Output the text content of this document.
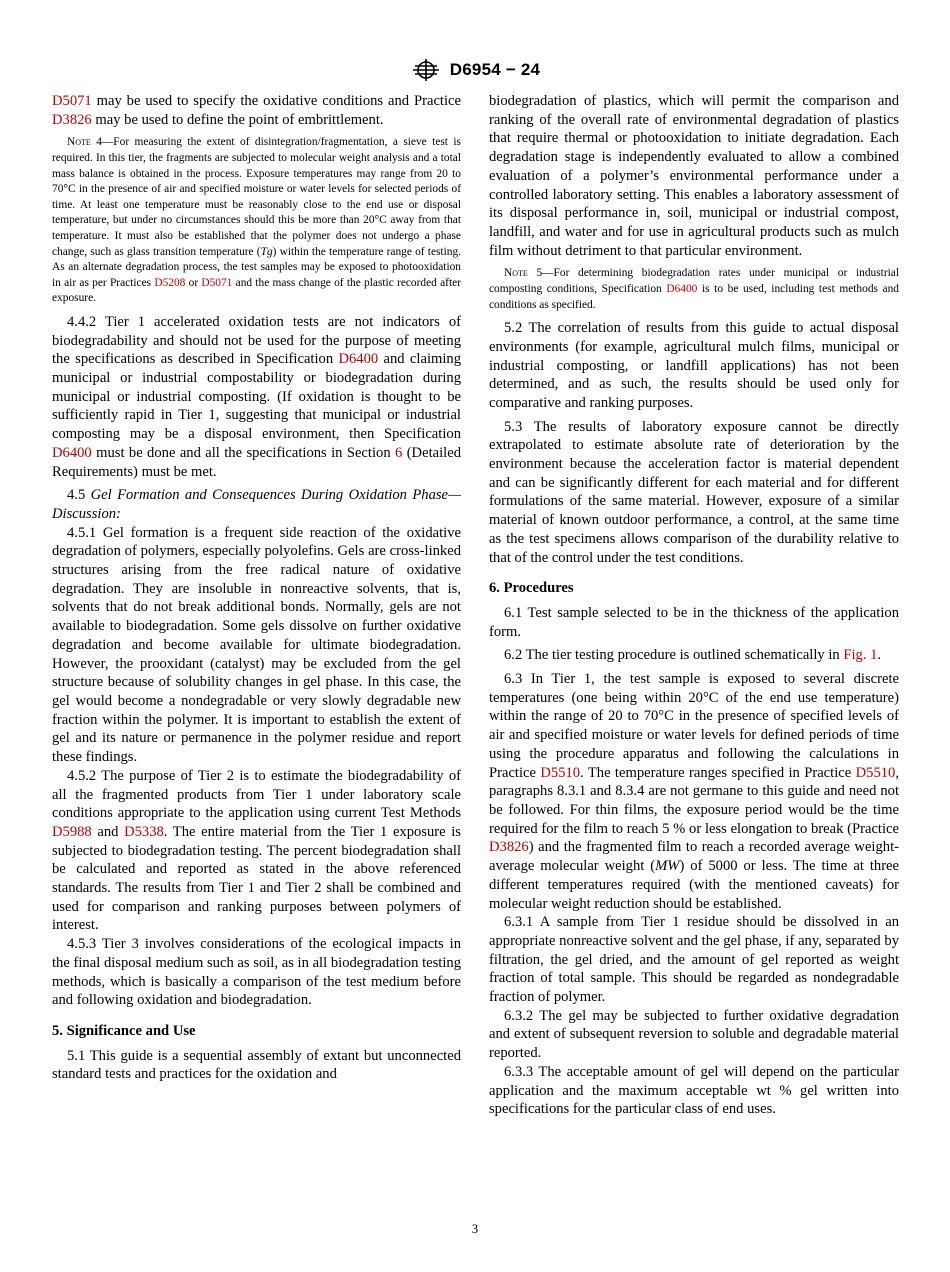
D6954 − 24

D5071 may be used to specify the oxidative conditions and Practice D3826 may be used to define the point of embrittlement.

Note 4—For measuring the extent of disintegration/fragmentation, a sieve test is required. In this tier, the fragments are subjected to molecular weight analysis and a total mass balance is obtained in the process. Exposure temperatures may range from 20 to 70°C in the presence of air and specified moisture or water levels for selected periods of time. At least one temperature must be reasonably close to the end use or disposal temperature, but under no circumstances should this be more than 20°C away from that temperature. It must also be established that the polymer does not undergo a phase change, such as glass transition temperature (Tg) within the temperature range of testing. As an alternate degradation process, the test samples may be exposed to photooxidation in air as per Practices D5208 or D5071 and the mass change of the plastic recorded after exposure.

4.4.2 Tier 1 accelerated oxidation tests are not indicators of biodegradability and should not be used for the purpose of meeting the specifications as described in Specification D6400 and claiming municipal or industrial compostability or biodegradation during municipal or industrial composting. (If oxidation is thought to be sufficiently rapid in Tier 1, suggesting that municipal or industrial composting may be a disposal environment, then Specification D6400 must be done and all the specifications in Section 6 (Detailed Requirements) must be met.

4.5 Gel Formation and Consequences During Oxidation Phase—Discussion:

4.5.1 Gel formation is a frequent side reaction of the oxidative degradation of polymers, especially polyolefins. Gels are cross-linked structures arising from the free radical nature of oxidative degradation. They are insoluble in nonreactive solvents, that is, solvents that do not break additional bonds. Normally, gels are not available to biodegradation. Some gels dissolve on further oxidative degradation and become available for ultimate biodegradation. However, the prooxidant (catalyst) may be excluded from the gel structure because of solubility changes in gel phase. In this case, the gel would become a nondegradable or very slowly degradable new fraction within the polymer. It is important to establish the extent of gel and its nature or permanence in the polymer residue and report these findings.

4.5.2 The purpose of Tier 2 is to estimate the biodegradability of all the fragmented products from Tier 1 under laboratory scale conditions appropriate to the application using current Test Methods D5988 and D5338. The entire material from the Tier 1 exposure is subjected to biodegradation testing. The percent biodegradation shall be calculated and reported as stated in the above referenced standards. The results from Tier 1 and Tier 2 shall be combined and used for comparison and ranking purposes between polymers of interest.

4.5.3 Tier 3 involves considerations of the ecological impacts in the final disposal medium such as soil, as in all biodegradation testing methods, which is basically a comparison of the test medium before and following oxidation and biodegradation.

5. Significance and Use

5.1 This guide is a sequential assembly of extant but unconnected standard tests and practices for the oxidation and

biodegradation of plastics, which will permit the comparison and ranking of the overall rate of environmental degradation of plastics that require thermal or photooxidation to initiate degradation. Each degradation stage is independently evaluated to allow a combined evaluation of a polymer’s environmental performance under a controlled laboratory setting. This enables a laboratory assessment of its disposal performance in, soil, municipal or industrial compost, landfill, and water and for use in agricultural products such as mulch film without detriment to that particular environment.

Note 5—For determining biodegradation rates under municipal or industrial composting conditions, Specification D6400 is to be used, including test methods and conditions as specified.

5.2 The correlation of results from this guide to actual disposal environments (for example, agricultural mulch films, municipal or industrial composting, or landfill applications) has not been determined, and as such, the results should be used only for comparative and ranking purposes.

5.3 The results of laboratory exposure cannot be directly extrapolated to estimate absolute rate of deterioration by the environment because the acceleration factor is material dependent and can be significantly different for each material and for different formulations of the same material. However, exposure of a similar material of known outdoor performance, a control, at the same time as the test specimens allows comparison of the durability relative to that of the control under the test conditions.

6. Procedures

6.1 Test sample selected to be in the thickness of the application form.

6.2 The tier testing procedure is outlined schematically in Fig. 1.

6.3 In Tier 1, the test sample is exposed to several discrete temperatures (one being within 20°C of the end use temperature) within the range of 20 to 70°C in the presence of specified levels of air and specified moisture or water levels for defined periods of time using the procedure apparatus and following the calculations in Practice D5510. The temperature ranges specified in Practice D5510, paragraphs 8.3.1 and 8.3.4 are not germane to this guide and need not be followed. For thin films, the exposure period would be the time required for the film to reach 5 % or less elongation to break (Practice D3826) and the fragmented film to reach a recorded average weight-average molecular weight (MW) of 5000 or less. The time at three different temperatures required (with the mentioned caveats) for molecular weight reduction should be established.

6.3.1 A sample from Tier 1 residue should be dissolved in an appropriate nonreactive solvent and the gel phase, if any, separated by filtration, the gel dried, and the amount of gel reported as weight fraction of total sample. This should be regarded as nondegradable fraction of polymer.

6.3.2 The gel may be subjected to further oxidative degradation and extent of subsequent reversion to soluble and degradable material reported.

6.3.3 The acceptable amount of gel will depend on the particular application and the maximum acceptable wt % gel written into specifications for the particular class of end uses.

3
